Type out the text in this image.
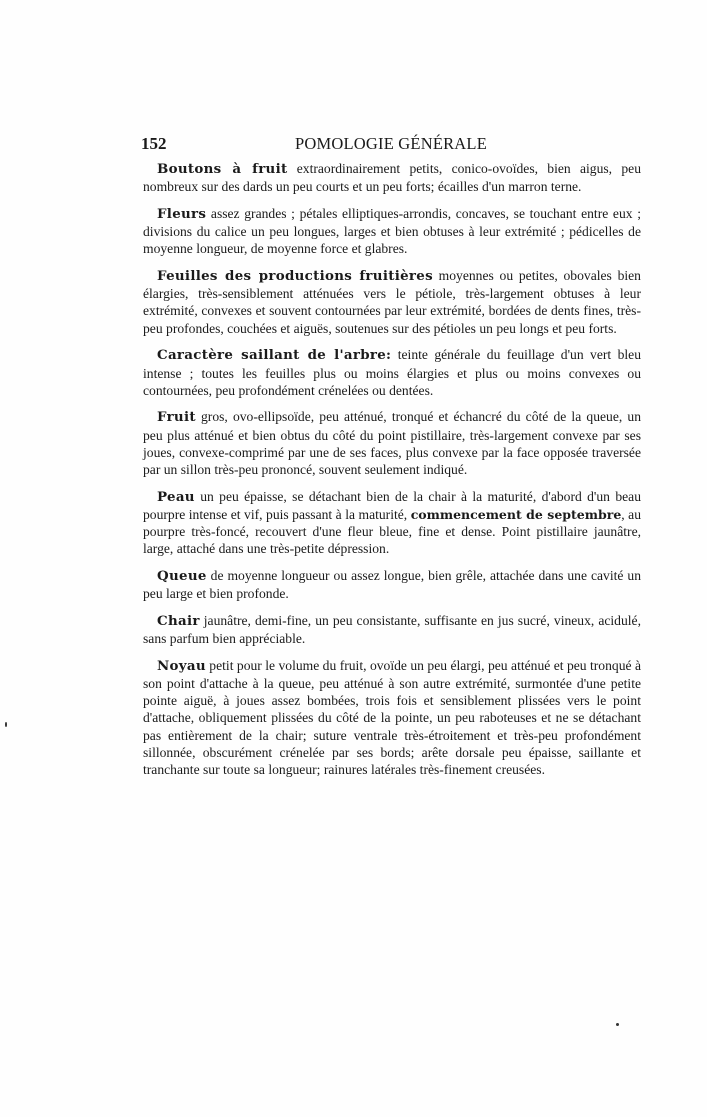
152	POMOLOGIE GÉNÉRALE

Boutons à fruit extraordinairement petits, conico-ovoïdes, bien aigus, peu nombreux sur des dards un peu courts et un peu forts; écailles d'un marron terne.

Fleurs assez grandes ; pétales elliptiques-arrondis, concaves, se touchant entre eux ; divisions du calice un peu longues, larges et bien obtuses à leur extrémité ; pédicelles de moyenne longueur, de moyenne force et glabres.

Feuilles des productions fruitières moyennes ou petites, obovales bien élargies, très-sensiblement atténuées vers le pétiole, très-largement obtuses à leur extrémité, convexes et souvent contournées par leur extrémité, bordées de dents fines, très-peu profondes, couchées et aiguës, soutenues sur des pétioles un peu longs et peu forts.

Caractère saillant de l'arbre: teinte générale du feuillage d'un vert bleu intense ; toutes les feuilles plus ou moins élargies et plus ou moins convexes ou contournées, peu profondément crénelées ou dentées.

Fruit gros, ovo-ellipsoïde, peu atténué, tronqué et échancré du côté de la queue, un peu plus atténué et bien obtus du côté du point pistillaire, très-largement convexe par ses joues, convexe-comprimé par une de ses faces, plus convexe par la face opposée traversée par un sillon très-peu prononcé, souvent seulement indiqué.

Peau un peu épaisse, se détachant bien de la chair à la maturité, d'abord d'un beau pourpre intense et vif, puis passant à la maturité, commencement de septembre, au pourpre très-foncé, recouvert d'une fleur bleue, fine et dense. Point pistillaire jaunâtre, large, attaché dans une très-petite dépression.

Queue de moyenne longueur ou assez longue, bien grêle, attachée dans une cavité un peu large et bien profonde.

Chair jaunâtre, demi-fine, un peu consistante, suffisante en jus sucré, vineux, acidulé, sans parfum bien appréciable.

Noyau petit pour le volume du fruit, ovoïde un peu élargi, peu atténué et peu tronqué à son point d'attache à la queue, peu atténué à son autre extrémité, surmontée d'une petite pointe aiguë, à joues assez bombées, trois fois et sensiblement plissées vers le point d'attache, obliquement plissées du côté de la pointe, un peu raboteuses et ne se détachant pas entièrement de la chair; suture ventrale très-étroitement et très-peu profondément sillonnée, obscurément crénelée par ses bords; arête dorsale peu épaisse, saillante et tranchante sur toute sa longueur; rainures latérales très-finement creusées.
